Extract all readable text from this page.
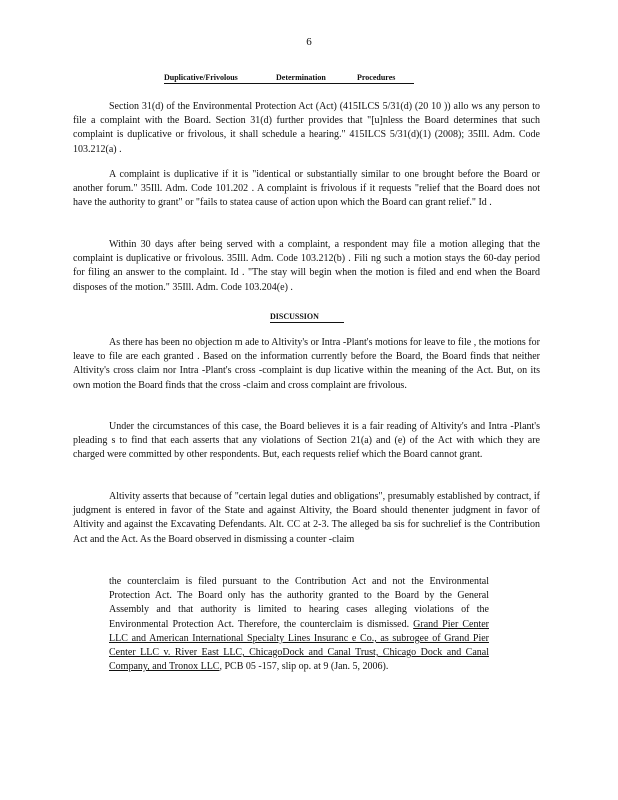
6
Duplicative/Frivolous	Determination	Procedures

Section 31(d) of the Environmental Protection Act (Act) (415ILCS 5/31(d) (20 10 )) allo ws any person to file a complaint with the Board. Section 31(d) further provides that "[u]nless the Board determines that such complaint is duplicative or frivolous, it shall schedule a hearing." 415ILCS 5/31(d)(1) (2008); 35Ill. Adm. Code 103.212(a) .

A complaint is duplicative if it is "identical or substantially similar to one brought before the Board or another forum." 35Ill. Adm. Code 101.202 . A complaint is frivolous if it requests "relief that the Board does not have the authority to grant" or "fails to statea cause of action upon which the Board can grant relief." Id .

Within 30 days after being served with a complaint, a respondent may file a motion alleging that the complaint is duplicative or frivolous. 35Ill. Adm. Code 103.212(b) . Fili ng such a motion stays the 60-day period for filing an answer to the complaint. Id . "The stay will begin when the motion is filed and end when the Board disposes of the motion." 35Ill. Adm. Code 103.204(e) .

DISCUSSION

As there has been no objection m ade to Altivity's or Intra -Plant's motions for leave to file , the motions for leave to file are each granted . Based on the information currently before the Board, the Board finds that neither Altivity's cross claim nor Intra -Plant's cross -complaint is dup licative within the meaning of the Act. But, on its own motion the Board finds that the cross -claim and cross complaint are frivolous.

Under the circumstances of this case, the Board believes it is a fair reading of Altivity's and Intra -Plant's pleading s to find that each asserts that any violations of Section 21(a) and (e) of the Act with which they are charged were committed by other respondents. But, each requests relief which the Board cannot grant.

Altivity asserts that because of "certain legal duties and obligations", presumably established by contract, if judgment is entered in favor of the State and against Altivity, the Board should thenenter judgment in favor of Altivity and against the Excavating Defendants. Alt. CC at 2-3. The alleged ba sis for suchrelief is the Contribution Act and the Act. As the Board observed in dismissing a counter -claim

the counterclaim is filed pursuant to the Contribution Act and not the Environmental Protection Act. The Board only has the authority granted to the Board by the General Assembly and that authority is limited to hearing cases alleging violations of the Environmental Protection Act. Therefore, the counterclaim is dismissed. Grand Pier Center LLC and American International Specialty Lines Insuranc e Co., as subrogee of Grand Pier Center LLC v. River East LLC, ChicagoDock and Canal Trust, Chicago Dock and Canal Company, and Tronox LLC, PCB 05 -157, slip op. at 9 (Jan. 5, 2006).
